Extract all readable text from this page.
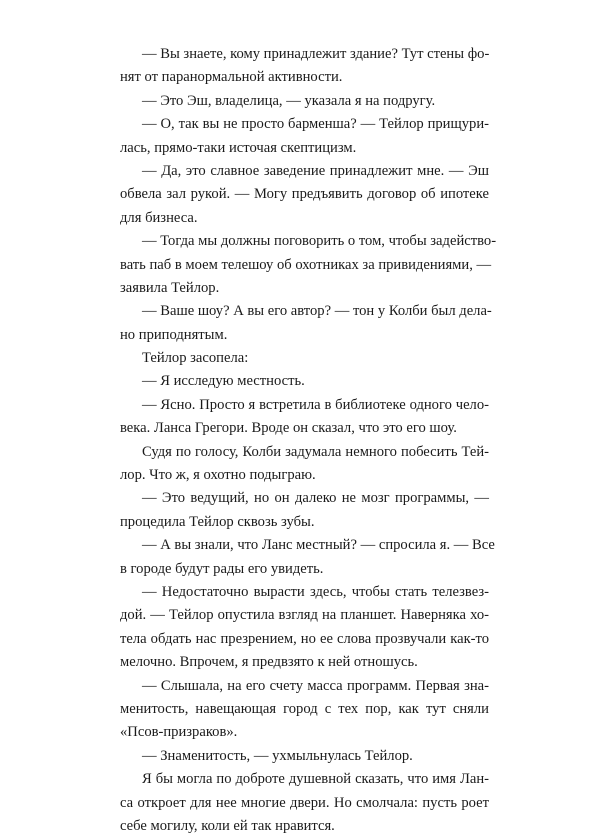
— Вы знаете, кому принадлежит здание? Тут стены фо-
нят от паранормальной активности.
— Это Эш, владелица, — указала я на подругу.
— О, так вы не просто барменша? — Тейлор прищури-
лась, прямо-таки источая скептицизм.
— Да, это славное заведение принадлежит мне. — Эш
обвела зал рукой. — Могу предъявить договор об ипотеке
для бизнеса.
— Тогда мы должны поговорить о том, чтобы задейство-
вать паб в моем телешоу об охотниках за привидениями, —
заявила Тейлор.
— Ваше шоу? А вы его автор? — тон у Колби был дела-
но приподнятым.
Тейлор засопела:
— Я исследую местность.
— Ясно. Просто я встретила в библиотеке одного чело-
века. Ланса Грегори. Вроде он сказал, что это его шоу.
Судя по голосу, Колби задумала немного побесить Тей-
лор. Что ж, я охотно подыграю.
— Это ведущий, но он далеко не мозг программы, —
процедила Тейлор сквозь зубы.
— А вы знали, что Ланс местный? — спросила я. — Все
в городе будут рады его увидеть.
— Недостаточно вырасти здесь, чтобы стать телезвез-
дой. — Тейлор опустила взгляд на планшет. Наверняка хо-
тела обдать нас презрением, но ее слова прозвучали как-то
мелочно. Впрочем, я предвзято к ней отношусь.
— Слышала, на его счету масса программ. Первая зна-
менитость, навещающая город с тех пор, как тут сняли
«Псов-призраков».
— Знаменитость, — ухмыльнулась Тейлор.
Я бы могла по доброте душевной сказать, что имя Лан-
са откроет для нее многие двери. Но смолчала: пусть роет
себе могилу, коли ей так нравится.
